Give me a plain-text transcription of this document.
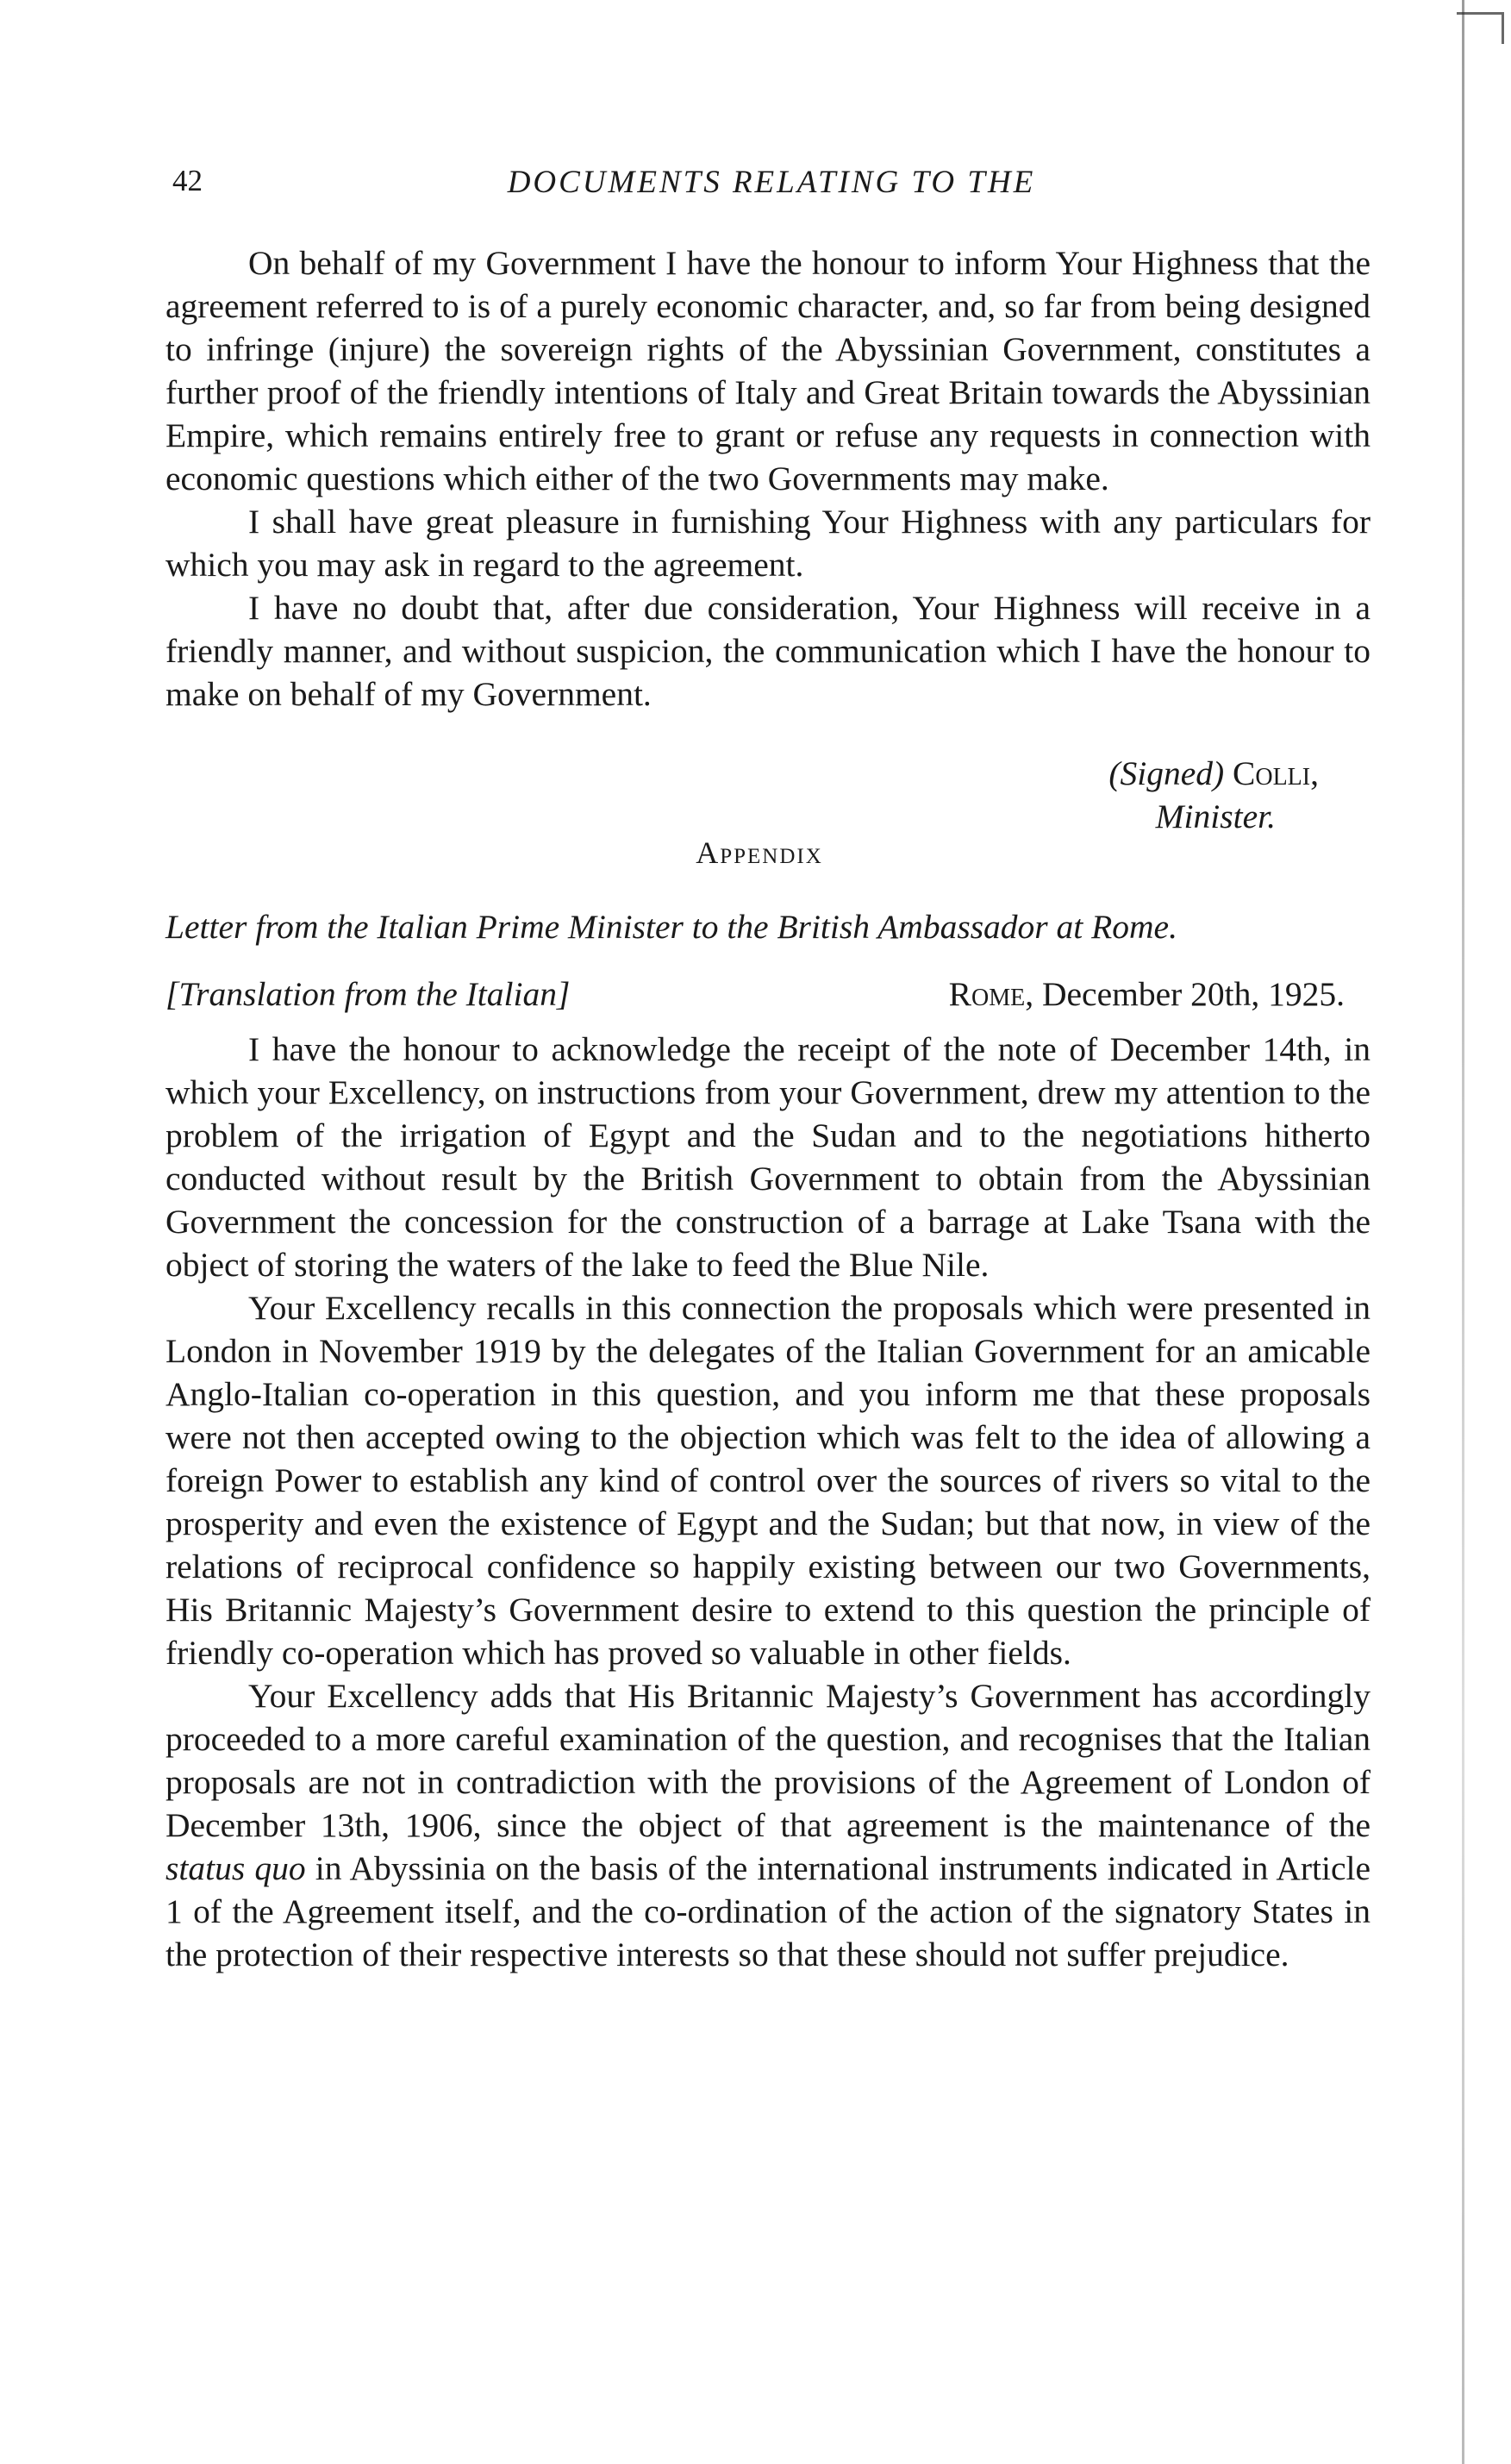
42	DOCUMENTS RELATING TO THE

On behalf of my Government I have the honour to inform Your Highness that the agreement referred to is of a purely economic character, and, so far from being designed to infringe (injure) the sovereign rights of the Abyssinian Government, constitutes a further proof of the friendly intentions of Italy and Great Britain towards the Abyssinian Empire, which remains entirely free to grant or refuse any requests in connection with economic questions which either of the two Governments may make.

I shall have great pleasure in furnishing Your Highness with any particulars for which you may ask in regard to the agreement.

I have no doubt that, after due consideration, Your Highness will receive in a friendly manner, and without suspicion, the communication which I have the honour to make on behalf of my Government.

(Signed) Colli,
Minister.

Appendix

Letter from the Italian Prime Minister to the British Ambassador at Rome.

[Translation from the Italian]	Rome, December 20th, 1925.

I have the honour to acknowledge the receipt of the note of December 14th, in which your Excellency, on instructions from your Government, drew my attention to the problem of the irrigation of Egypt and the Sudan and to the negotiations hitherto conducted without result by the British Government to obtain from the Abyssinian Government the concession for the construction of a barrage at Lake Tsana with the object of storing the waters of the lake to feed the Blue Nile.

Your Excellency recalls in this connection the proposals which were presented in London in November 1919 by the delegates of the Italian Government for an amicable Anglo-Italian co-operation in this question, and you inform me that these proposals were not then accepted owing to the objection which was felt to the idea of allowing a foreign Power to establish any kind of control over the sources of rivers so vital to the prosperity and even the existence of Egypt and the Sudan; but that now, in view of the relations of reciprocal confidence so happily existing between our two Governments, His Britannic Majesty’s Government desire to extend to this question the principle of friendly co-operation which has proved so valuable in other fields.

Your Excellency adds that His Britannic Majesty’s Government has accordingly proceeded to a more careful examination of the question, and recognises that the Italian proposals are not in contradiction with the provisions of the Agreement of London of December 13th, 1906, since the object of that agreement is the maintenance of the status quo in Abyssinia on the basis of the international instruments indicated in Article 1 of the Agreement itself, and the co-ordination of the action of the signatory States in the protection of their respective interests so that these should not suffer prejudice.
